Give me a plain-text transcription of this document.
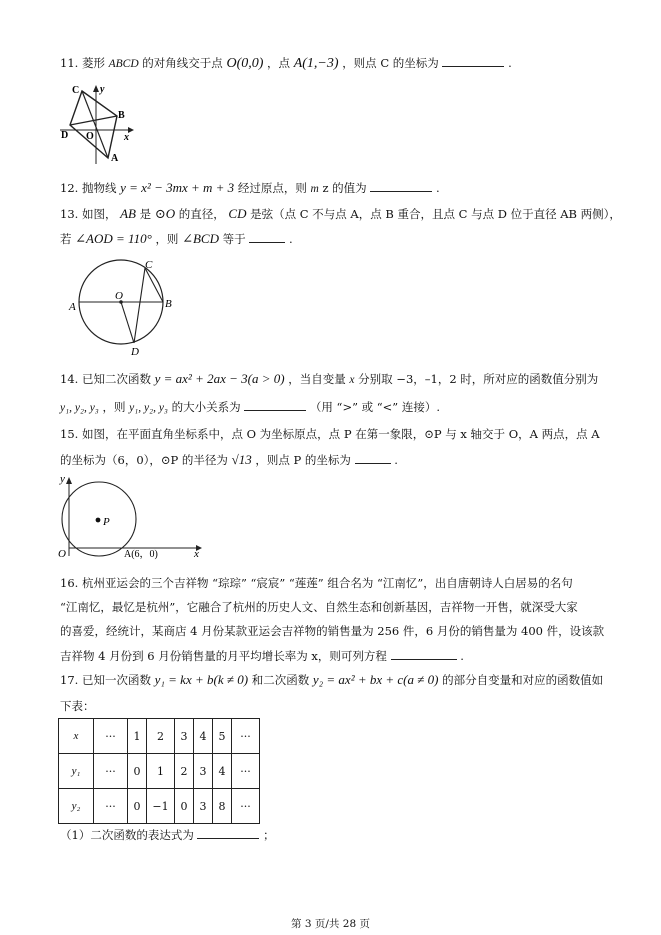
11. 菱形 ABCD 的对角线交于点 O(0,0) ，点 A(1,−3) ，则点 C 的坐标为	.
C y
B
D O	x
A
12. 抛物线 y = x² − 3mx + m + 3 经过原点，则 m z 的值为	.
13. 如图， AB 是 ⊙O 的直径， CD 是弦（点 C 不与点 A，点 B 重合，且点 C 与点 D 位于直径 AB 两侧），
若 ∠AOD = 110° ，则 ∠BCD 等于	.
A	B
C
D
O
14. 已知二次函数 y = ax² + 2ax − 3(a > 0) ，当自变量 x 分别取 −3，–1，2 时，所对应的函数值分别为
y₁, y₂, y₃ ，则 y₁, y₂, y₃ 的大小关系为	（用 “>” 或 “<” 连接）.
15. 如图，在平面直角坐标系中，点 O 为坐标原点，点 P 在第一象限，⊙P 与 x 轴交于 O，A 两点，点 A
的坐标为（6，0），⊙P 的半径为 √13 ，则点 P 的坐标为	.
y
P
O	A(6，0)	x
16. 杭州亚运会的三个吉祥物 “琮琮” “宸宸” “莲莲” 组合名为 “江南忆”，出自唐朝诗人白居易的名句
“江南忆，最忆是杭州”，它融合了杭州的历史人文、自然生态和创新基因，吉祥物一开售，就深受大家
的喜爱，经统计，某商店 4 月份某款亚运会吉祥物的销售量为 256 件，6 月份的销售量为 400 件，设该款
吉祥物 4 月份到 6 月份销售量的月平均增长率为 x，则可列方程	.
17. 已知一次函数 y₁ = kx + b(k ≠ 0) 和二次函数 y₂ = ax² + bx + c(a ≠ 0) 的部分自变量和对应的函数值如
下表：
x	···	1	2	3	4	5	···
y₁	···	0	1	2	3	4	···
y₂	···	0	−1	0	3	8	···
（1）二次函数的表达式为	；
第 3 页/共 28 页
